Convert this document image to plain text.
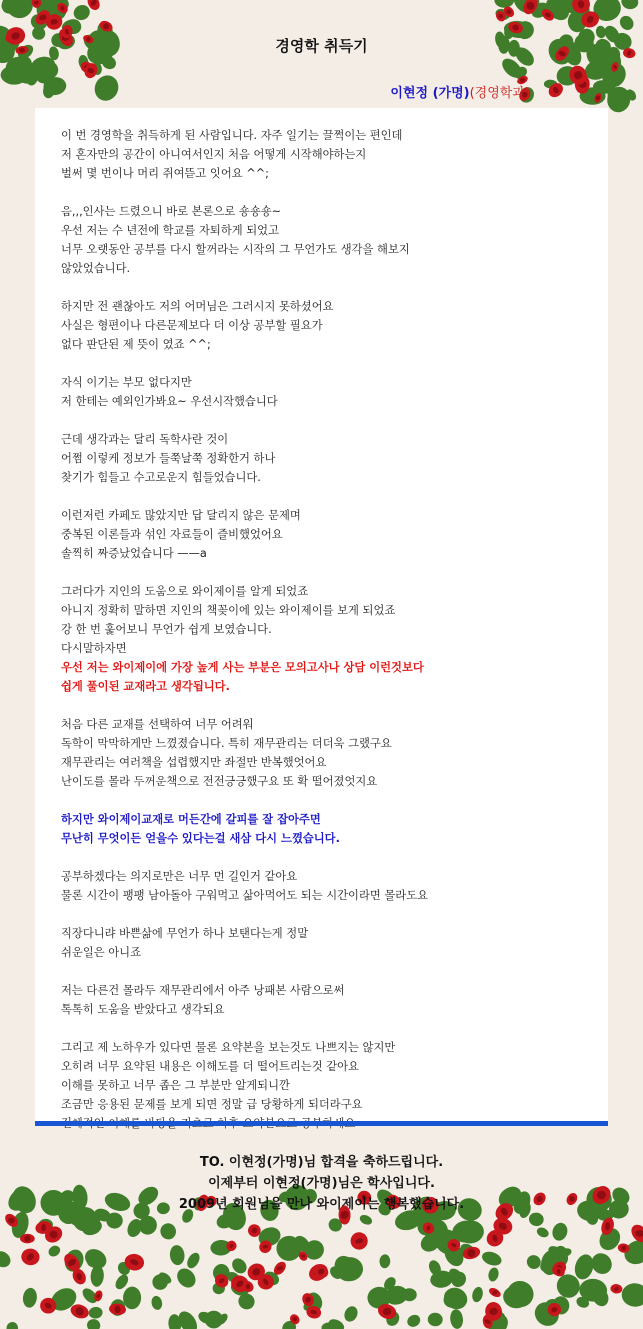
경영학 취득기
이현정 (가명)(경영학과)
이 번 경영학을 취득하게 된 사람입니다. 자주 일기는 끌쩍이는 편인데
저 혼자만의 공간이 아니여서인지 처음 어떻게 시작해야하는지
벌써 몇 번이나 머리 쥐여뜯고 잇어요 ^^;
음,,,인사는 드렸으니 바로 본론으로 숑숑숑~
우선 저는 수 년전에 학교를 자퇴하게 되었고
너무 오랫동안 공부를 다시 할꺼라는 시작의 그 무언가도 생각을 해보지
않았었습니다.
하지만 전 괜찮아도 저의 어머님은 그러시지 못하셨어요
사실은 형편이나 다른문제보다 더 이상 공부할 필요가
없다 판단된 제 뜻이 였죠 ^^;
자식 이기는 부모 없다지만
저 한테는 예외인가봐요~ 우선시작했습니다
근데 생각과는 달리 독학사란 것이
어쩜 이렇케 정보가 들쭉날쭉 정확한거 하나
찾기가 힘들고 수고로운지 힘들었습니다.
이런저런 카페도 많았지만 답 달리지 않은 문제며
중복된 이론들과 섞인 자료들이 즐비했었어요
솔찍히 짜증났었습니다 ——a
그러다가 지인의 도움으로 와이제이를 알게 되었죠
아니지 정확히 말하면 지인의 책꽂이에 있는 와이제이를 보게 되었죠
강 한 번 훑어보니 무언가 쉽게 보였습니다.
다시말하자면
우선 저는 와이제이에 가장 높게 사는 부분은 모의고사나 상담 이런것보다
쉽게 풀이된 교재라고 생각됩니다.
처음 다른 교재를 선택하여 너무 어려워
독학이 막막하게만 느꼈졌습니다. 특히 재무관리는 더더욱 그랬구요
재무관리는 여러책을 섭렵했지만 좌절만 반복했엇어요
난이도를 몰라 두꺼운책으로 전전긍긍했구요 또 확 떨어졌엇지요
하지만 와이제이교재로 머든간에 갈피를 잘 잡아주면
무난히 무엇이든 얻을수 있다는걸 새삼 다시 느꼈습니다.
공부하겠다는 의지로만은 너무 먼 길인거 같아요
물론 시간이 팽팽 남아돌아 구워먹고 삶아먹어도 되는 시간이라면 몰라도요
직장다니랴 바쁜삶에 무언가 하나 보탠다는게 정말
쉬운일은 아니죠
저는 다른건 몰라두 재무관리에서 아주 낭패본 사람으로써
톡톡히 도움을 받았다고 생각되요
그리고 제 노하우가 있다면 물론 요약본을 보는것도 나쁘지는 않지만
오히려 너무 요약된 내용은 이해도를 더 떨어트리는것 같아요
이해를 못하고 너무 좁은 그 부분만 알게되니깐
조금만 응용된 문제를 보게 되면 정말 급 당황하게 되더라구요
TO. 이현정(가명)님 합격을 축하드립니다.
이제부터 이현정(가명)님은 학사입니다.
2009년 회원님을 만나 와이제이는 행복했습니다.
